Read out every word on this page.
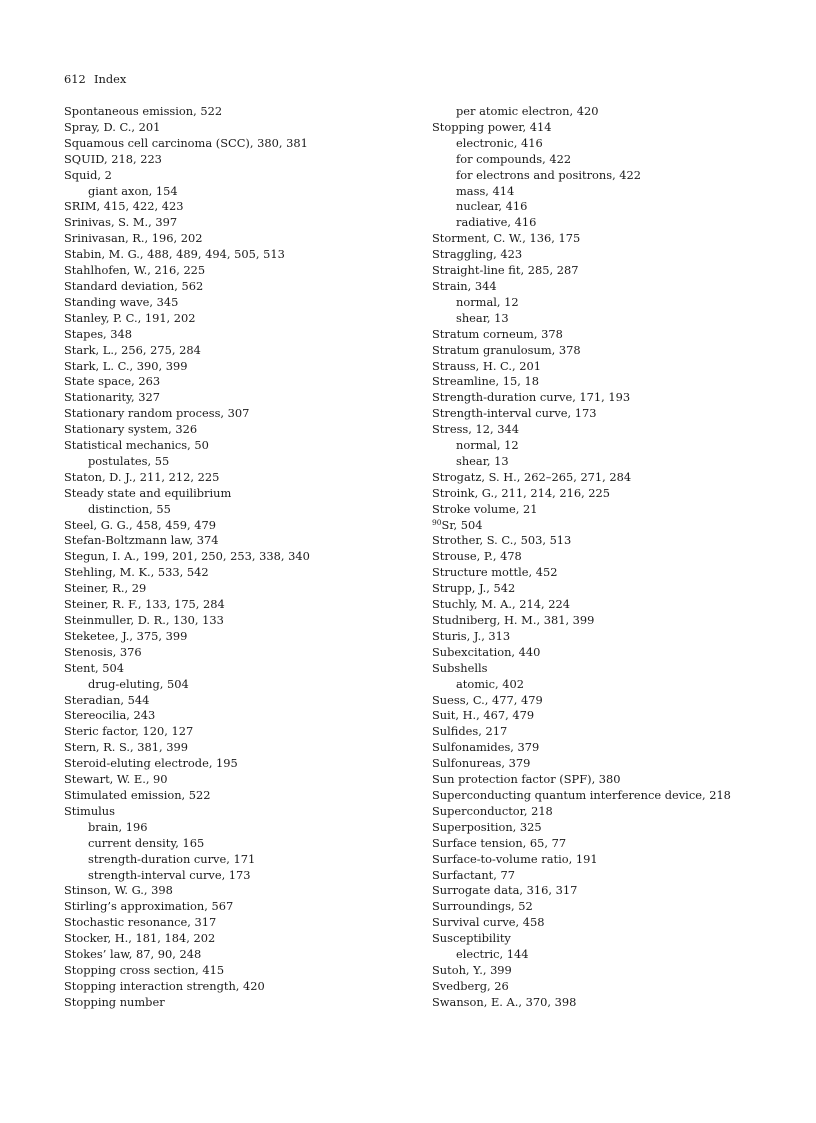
612 Index
Spontaneous emission, 522
Spray, D. C., 201
Squamous cell carcinoma (SCC), 380, 381
SQUID, 218, 223
Squid, 2
giant axon, 154
SRIM, 415, 422, 423
Srinivas, S. M., 397
Srinivasan, R., 196, 202
Stabin, M. G., 488, 489, 494, 505, 513
Stahlhofen, W., 216, 225
Standard deviation, 562
Standing wave, 345
Stanley, P. C., 191, 202
Stapes, 348
Stark, L., 256, 275, 284
Stark, L. C., 390, 399
State space, 263
Stationarity, 327
Stationary random process, 307
Stationary system, 326
Statistical mechanics, 50
postulates, 55
Staton, D. J., 211, 212, 225
Steady state and equilibrium
distinction, 55
Steel, G. G., 458, 459, 479
Stefan-Boltzmann law, 374
Stegun, I. A., 199, 201, 250, 253, 338, 340
Stehling, M. K., 533, 542
Steiner, R., 29
Steiner, R. F., 133, 175, 284
Steinmuller, D. R., 130, 133
Steketee, J., 375, 399
Stenosis, 376
Stent, 504
drug-eluting, 504
Steradian, 544
Stereocilia, 243
Steric factor, 120, 127
Stern, R. S., 381, 399
Steroid-eluting electrode, 195
Stewart, W. E., 90
Stimulated emission, 522
Stimulus
brain, 196
current density, 165
strength-duration curve, 171
strength-interval curve, 173
Stinson, W. G., 398
Stirling’s approximation, 567
Stochastic resonance, 317
Stocker, H., 181, 184, 202
Stokes’ law, 87, 90, 248
Stopping cross section, 415
Stopping interaction strength, 420
Stopping number
per atomic electron, 420
Stopping power, 414
electronic, 416
for compounds, 422
for electrons and positrons, 422
mass, 414
nuclear, 416
radiative, 416
Storment, C. W., 136, 175
Straggling, 423
Straight-line fit, 285, 287
Strain, 344
normal, 12
shear, 13
Stratum corneum, 378
Stratum granulosum, 378
Strauss, H. C., 201
Streamline, 15, 18
Strength-duration curve, 171, 193
Strength-interval curve, 173
Stress, 12, 344
normal, 12
shear, 13
Strogatz, S. H., 262–265, 271, 284
Stroink, G., 211, 214, 216, 225
Stroke volume, 21
$^{90}$Sr, 504
Strother, S. C., 503, 513
Strouse, P., 478
Structure mottle, 452
Strupp, J., 542
Stuchly, M. A., 214, 224
Studniberg, H. M., 381, 399
Sturis, J., 313
Subexcitation, 440
Subshells
atomic, 402
Suess, C., 477, 479
Suit, H., 467, 479
Sulfides, 217
Sulfonamides, 379
Sulfonureas, 379
Sun protection factor (SPF), 380
Superconducting quantum interference device, 218
Superconductor, 218
Superposition, 325
Surface tension, 65, 77
Surface-to-volume ratio, 191
Surfactant, 77
Surrogate data, 316, 317
Surroundings, 52
Survival curve, 458
Susceptibility
electric, 144
Sutoh, Y., 399
Svedberg, 26
Swanson, E. A., 370, 398
